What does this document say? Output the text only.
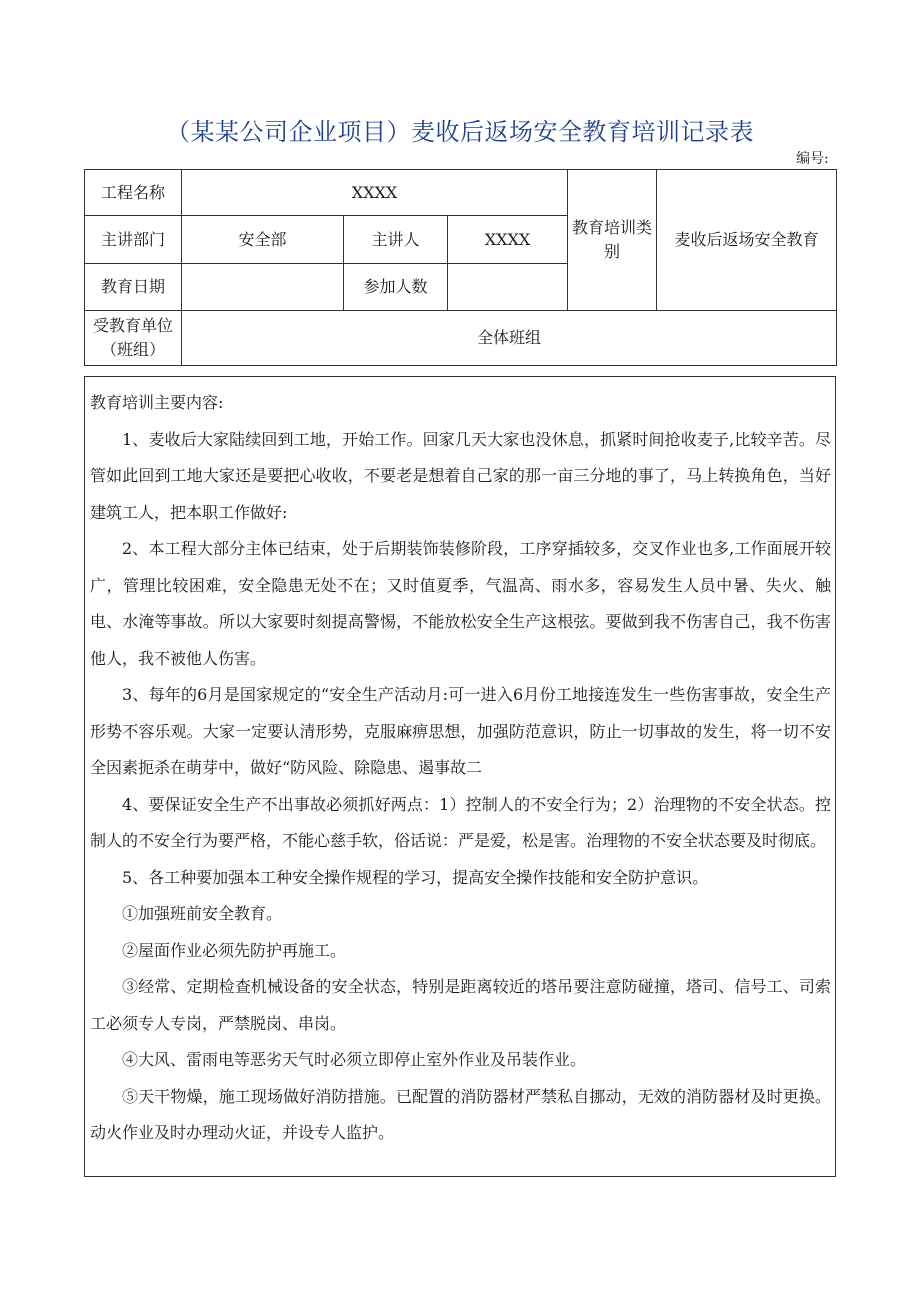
（某某公司企业项目）麦收后返场安全教育培训记录表
编号:
工程名称	XXXX			教育培训类别	麦收后返场安全教育
主讲部门	安全部	主讲人	XXXX		
教育日期		参加人数			
受教育单位（班组）	全体班组				

教育培训主要内容:

1、麦收后大家陆续回到工地，开始工作。回家几天大家也没休息，抓紧时间抢收麦子,比较辛苦。尽管如此回到工地大家还是要把心收收，不要老是想着自己家的那一亩三分地的事了，马上转换角色，当好建筑工人，把本职工作做好:

2、本工程大部分主体已结束，处于后期装饰装修阶段，工序穿插较多，交叉作业也多,工作面展开较广，管理比较困难，安全隐患无处不在；又时值夏季，气温高、雨水多，容易发生人员中暑、失火、触电、水淹等事故。所以大家要时刻提高警惕，不能放松安全生产这根弦。要做到我不伤害自己，我不伤害他人，我不被他人伤害。

3、每年的6月是国家规定的“安全生产活动月:可一进入6月份工地接连发生一些伤害事故，安全生产形势不容乐观。大家一定要认清形势，克服麻痹思想，加强防范意识，防止一切事故的发生，将一切不安全因素扼杀在萌芽中，做好“防风险、除隐患、遏事故二

4、要保证安全生产不出事故必须抓好两点：1）控制人的不安全行为；2）治理物的不安全状态。控制人的不安全行为要严格，不能心慈手软，俗话说：严是爱，松是害。治理物的不安全状态要及时彻底。

5、各工种要加强本工种安全操作规程的学习，提高安全操作技能和安全防护意识。

①加强班前安全教育。

②屋面作业必须先防护再施工。

③经常、定期检查机械设备的安全状态，特别是距离较近的塔吊要注意防碰撞，塔司、信号工、司索工必须专人专岗，严禁脱岗、串岗。

④大风、雷雨电等恶劣天气时必须立即停止室外作业及吊装作业。

⑤天干物燥，施工现场做好消防措施。已配置的消防器材严禁私自挪动，无效的消防器材及时更换。动火作业及时办理动火证，并设专人监护。
